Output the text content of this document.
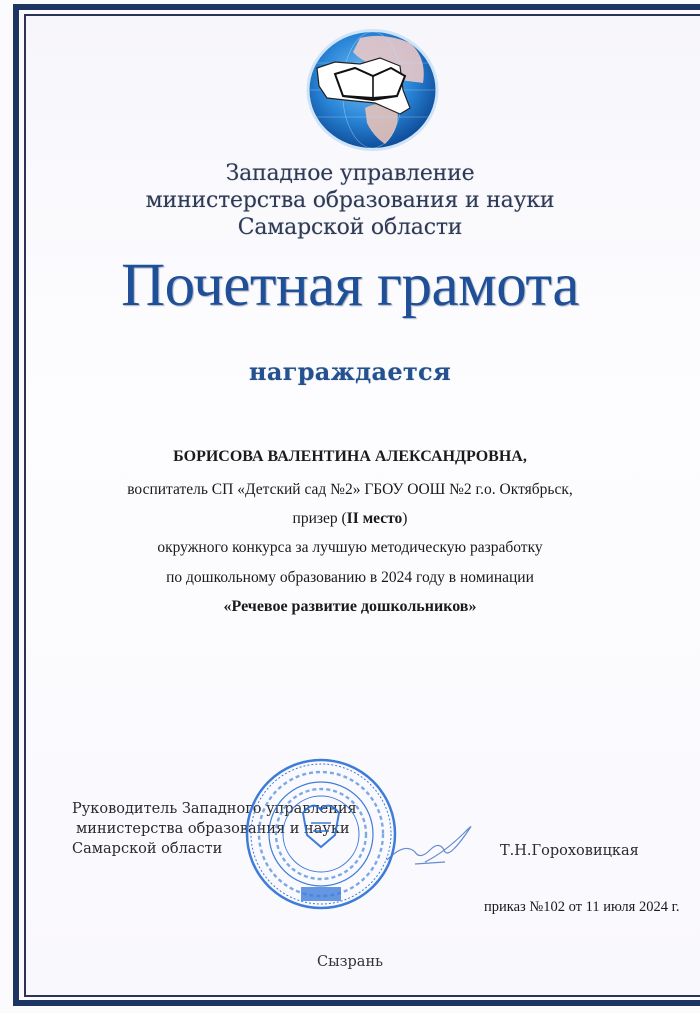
Западное управление
министерства образования и науки
Самарской области
Почетная грамота
награждается
БОРИСОВА ВАЛЕНТИНА АЛЕКСАНДРОВНА,
воспитатель СП «Детский сад №2» ГБОУ ООШ №2 г.о. Октябрьск,
призер (II место)
окружного конкурса за лучшую методическую разработку
по дошкольному образованию в 2024 году в номинации
«Речевое развитие дошкольников»
Руководитель Западного управления
министерства образования и науки
Самарской области	Т.Н.Гороховицкая
приказ №102 от 11 июля 2024 г.
Сызрань
